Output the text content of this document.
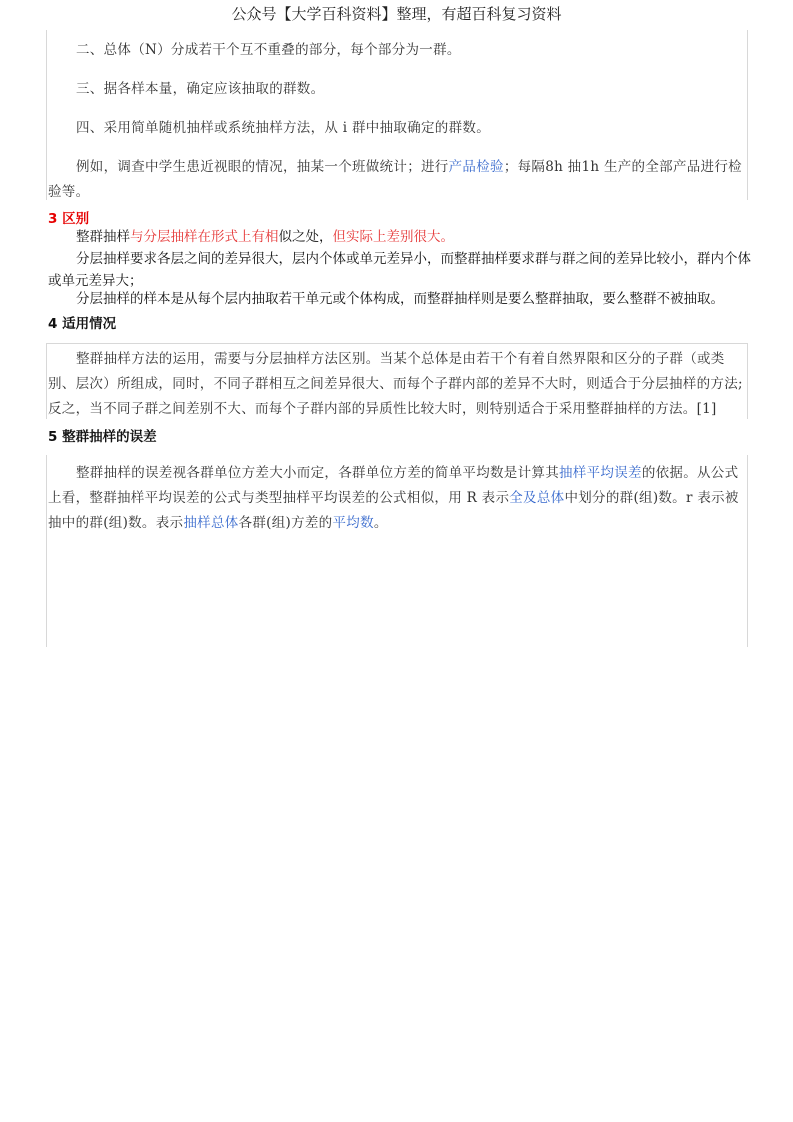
公众号【大学百科资料】整理，有超百科复习资料

二、总体（N）分成若干个互不重叠的部分，每个部分为一群。

三、据各样本量，确定应该抽取的群数。

四、采用简单随机抽样或系统抽样方法，从 i 群中抽取确定的群数。

例如，调查中学生患近视眼的情况，抽某一个班做统计；进行产品检验；每隔8h 抽1h 生产的全部产品进行检验等。

3 区别

整群抽样与分层抽样在形式上有相似之处，但实际上差别很大。

分层抽样要求各层之间的差异很大，层内个体或单元差异小，而整群抽样要求群与群之间的差异比较小，群内个体或单元差异大；

分层抽样的样本是从每个层内抽取若干单元或个体构成，而整群抽样则是要么整群抽取，要么整群不被抽取。

4 适用情况

整群抽样方法的运用，需要与分层抽样方法区别。当某个总体是由若干个有着自然界限和区分的子群（或类别、层次）所组成，同时，不同子群相互之间差异很大、而每个子群内部的差异不大时，则适合于分层抽样的方法;反之，当不同子群之间差别不大、而每个子群内部的异质性比较大时，则特别适合于采用整群抽样的方法。[1]

5 整群抽样的误差

整群抽样的误差视各群单位方差大小而定，各群单位方差的简单平均数是计算其抽样平均误差的依据。从公式上看，整群抽样平均误差的公式与类型抽样平均误差的公式相似，用 R 表示全及总体中划分的群(组)数。r 表示被抽中的群(组)数。表示抽样总体各群(组)方差的平均数。
